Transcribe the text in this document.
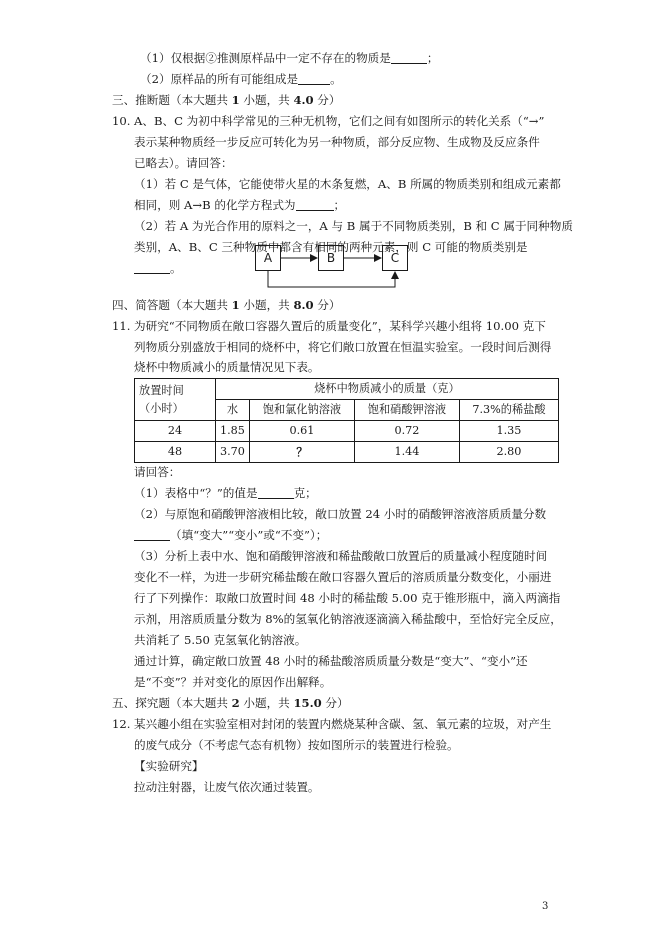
（1）仅根据②推测原样品中一定不存在的物质是	；
（2）原样品的所有可能组成是	。
三、推断题（本大题共 1 小题，共 4.0 分）
10. A、B、C 为初中科学常见的三种无机物，它们之间有如图所示的转化关系（“→”
表示某种物质经一步反应可转化为另一种物质，部分反应物、生成物及反应条件
已略去）。请回答：
（1）若 C 是气体，它能使带火星的木条复燃，A、B 所属的物质类别和组成元素都
相同，则 A→B 的化学方程式为	；
（2）若 A 为光合作用的原料之一，A 与 B 属于不同物质类别，B 和 C 属于同种物质
类别，A、B、C 三种物质中都含有相同的两种元素，则 C 可能的物质类别是
。
A	B	C
四、简答题（本大题共 1 小题，共 8.0 分）
11. 为研究“不同物质在敞口容器久置后的质量变化”，某科学兴趣小组将 10.00 克下
列物质分别盛放于相同的烧杯中，将它们敞口放置在恒温实验室。一段时间后测得
放置时间
（小时）	烧杯中物质减小的质量（克）			
	水	饱和氯化钠溶液	饱和硝酸钾溶液	7.3%的稀盐酸
24	1.85	0.61	0.72	1.35
48	3.70	？	1.44	2.80
请回答：
（1）表格中“？”的值是	克；
（2）与原饱和硝酸钾溶液相比较，敞口放置 24 小时的硝酸钾溶液溶质质量分数
（填“变大”“变小”或“不变”）；
（3）分析上表中水、饱和硝酸钾溶液和稀盐酸敞口放置后的质量减小程度随时间
变化不一样，为进一步研究稀盐酸在敞口容器久置后的溶质质量分数变化，小丽进
行了下列操作：取敞口放置时间 48 小时的稀盐酸 5.00 克于锥形瓶中，滴入两滴指
示剂，用溶质质量分数为 8%的氢氧化钠溶液逐滴滴入稀盐酸中，至恰好完全反应，
共消耗了 5.50 克氢氧化钠溶液。
通过计算，确定敞口放置 48 小时的稀盐酸溶质质量分数是“变大”、“变小”还
是“不变”？并对变化的原因作出解释。
五、探究题（本大题共 2 小题，共 15.0 分）
12. 某兴趣小组在实验室相对封闭的装置内燃烧某种含碳、氢、氧元素的垃圾，对产生
的废气成分（不考虑气态有机物）按如图所示的装置进行检验。
【实验研究】
拉动注射器，让废气依次通过装置。
3
烧杯中物质减小的质量情况见下表。
